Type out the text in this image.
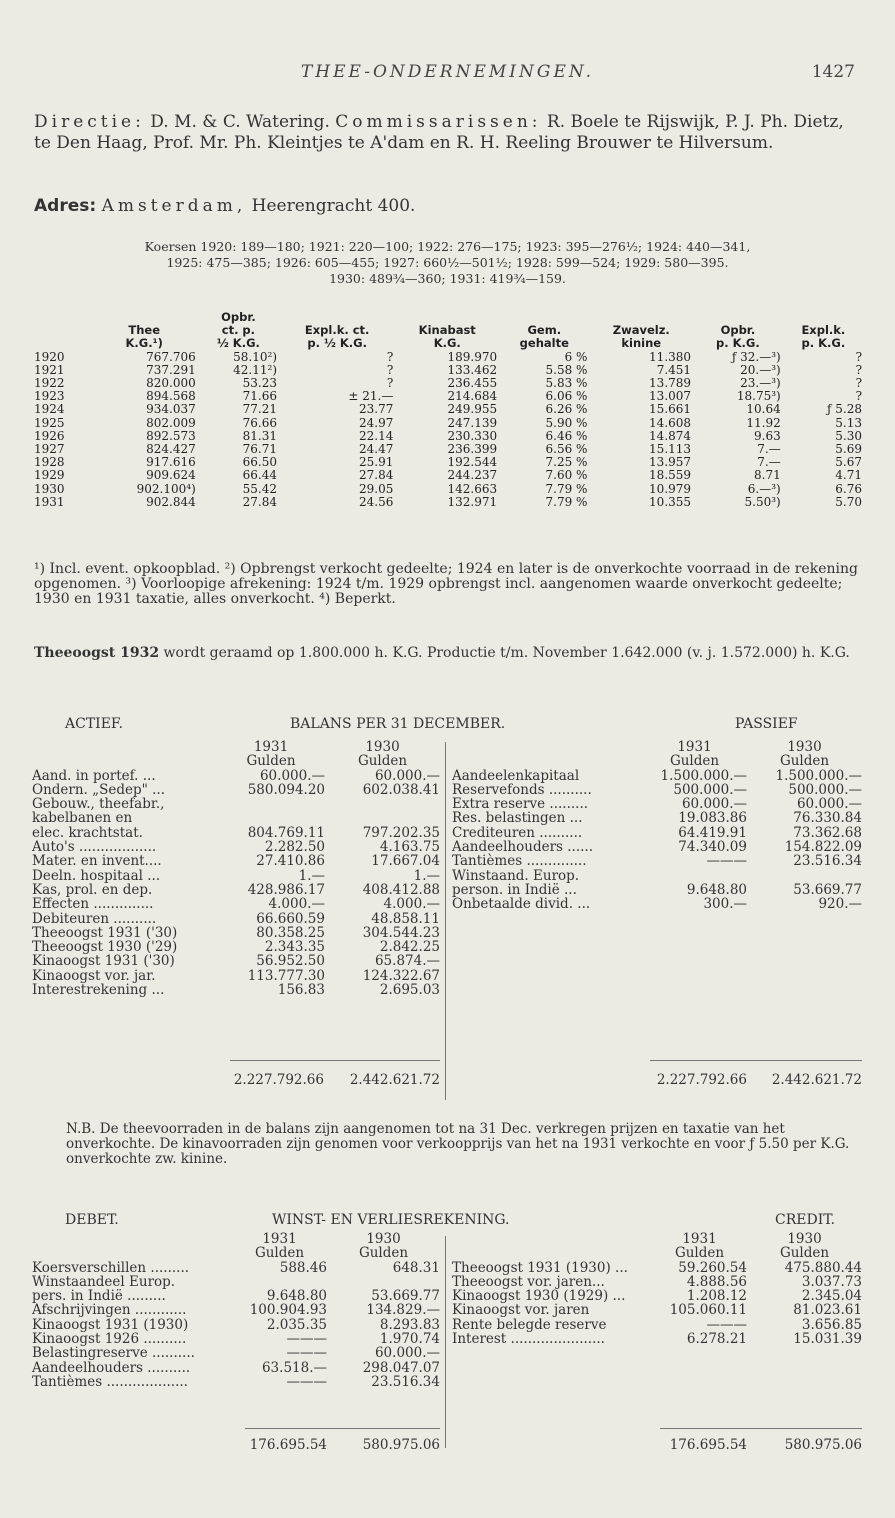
THEE-ONDERNEMINGEN.	1427
Directie: D. M. & C. Watering. Commissarissen: R. Boele te Rijswijk, P. J. Ph. Dietz, te Den Haag, Prof. Mr. Ph. Kleintjes te A'dam en R. H. Reeling Brouwer te Hilversum.
Adres: Amsterdam, Heerengracht 400.
Koersen 1920: 189—180; 1921: 220—100; 1922: 276—175; 1923: 395—276½; 1924: 440—341,
1925: 475—385; 1926: 605—455; 1927: 660½—501½; 1928: 599—524; 1929: 580—395.
1930: 489¾—360; 1931: 419¾—159.
		Opbr.						
	Thee	ct. p.	Expl.k. ct.	Kinabast	Gem.	Zwavelz.	Opbr.	Expl.k.
	K.G.¹)	½ K.G.	p. ½ K.G.	K.G.	gehalte	kinine	p. K.G.	p. K.G.
1920	767.706	58.10²)	?	189.970	6 %	11.380	ƒ 32.—³)	?
1921	737.291	42.11²)	?	133.462	5.58 %	7.451	20.—³)	?
1922	820.000	53.23	?	236.455	5.83 %	13.789	23.—³)	?
1923	894.568	71.66	± 21.—	214.684	6.06 %	13.007	18.75³)	?
1924	934.037	77.21	23.77	249.955	6.26 %	15.661	10.64	ƒ 5.28
1925	802.009	76.66	24.97	247.139	5.90 %	14.608	11.92	5.13
1926	892.573	81.31	22.14	230.330	6.46 %	14.874	9.63	5.30
1927	824.427	76.71	24.47	236.399	6.56 %	15.113	7.—	5.69
1928	917.616	66.50	25.91	192.544	7.25 %	13.957	7.—	5.67
1929	909.624	66.44	27.84	244.237	7.60 %	18.559	8.71	4.71
1930	902.100⁴)	55.42	29.05	142.663	7.79 %	10.979	6.—³)	6.76
1931	902.844	27.84	24.56	132.971	7.79 %	10.355	5.50³)	5.70
¹) Incl. event. opkoopblad. ²) Opbrengst verkocht gedeelte; 1924 en later is de onverkochte voorraad in de rekening opgenomen. ³) Voorloopige afrekening: 1924 t/m. 1929 opbrengst incl. aangenomen waarde onverkocht gedeelte; 1930 en 1931 taxatie, alles onverkocht. ⁴) Beperkt.
Theeoogst 1932 wordt geraamd op 1.800.000 h. K.G. Productie t/m. November 1.642.000 (v. j. 1.572.000) h. K.G.
ACTIEF.	BALANS PER 31 DECEMBER.	PASSIEF
	1931	1930
	Gulden	Gulden
Aand. in portef. ...	60.000.—	60.000.—
Ondern. „Sedep" ...	580.094.20	602.038.41
Gebouw., theefabr.,		
kabelbanen en		
elec. krachtstat.	804.769.11	797.202.35
Auto's ..................	2.282.50	4.163.75
Mater. en invent....	27.410.86	17.667.04
Deeln. hospitaal ...	1.—	1.—
Kas, prol. en dep.	428.986.17	408.412.88
Effecten ..............	4.000.—	4.000.—
Debiteuren ..........	66.660.59	48.858.11
Theeoogst 1931 ('30)	80.358.25	304.544.23
Theeoogst 1930 ('29)	2.343.35	2.842.25
Kinaoogst 1931 ('30)	56.952.50	65.874.—
Kinaoogst vor. jar.	113.777.30	124.322.67
Interestrekening ...	156.83	2.695.03
	1931	1930
	Gulden	Gulden
Aandeelenkapitaal	1.500.000.—	1.500.000.—
Reservefonds ..........	500.000.—	500.000.—
Extra reserve .........	60.000.—	60.000.—
Res. belastingen ...	19.083.86	76.330.84
Crediteuren ..........	64.419.91	73.362.68
Aandeelhouders ......	74.340.09	154.822.09
Tantièmes ..............	———	23.516.34
Winstaand. Europ.		
person. in Indië ...	9.648.80	53.669.77
Onbetaalde divid. ...	300.—	920.—
2.227.792.66	2.442.621.72	2.227.792.66	2.442.621.72
N.B. De theevoorraden in de balans zijn aangenomen tot na 31 Dec. verkregen prijzen en taxatie van het onverkochte. De kinavoorraden zijn genomen voor verkoopprijs van het na 1931 verkochte en voor ƒ 5.50 per K.G. onverkochte zw. kinine.
DEBET.	WINST- EN VERLIESREKENING.	CREDIT.
	1931	1930
	Gulden	Gulden
Koersverschillen .........	588.46	648.31
Winstaandeel Europ.		
pers. in Indië .........	9.648.80	53.669.77
Afschrijvingen ............	100.904.93	134.829.—
Kinaoogst 1931 (1930)	2.035.35	8.293.83
Kinaoogst 1926 ..........	———	1.970.74
Belastingreserve ..........	———	60.000.—
Aandeelhouders ..........	63.518.—	298.047.07
Tantièmes ...................	———	23.516.34
	1931	1930
	Gulden	Gulden
Theeoogst 1931 (1930) ...	59.260.54	475.880.44
Theeoogst vor. jaren...	4.888.56	3.037.73
Kinaoogst 1930 (1929) ...	1.208.12	2.345.04
Kinaoogst vor. jaren	105.060.11	81.023.61
Rente belegde reserve	———	3.656.85
Interest ......................	6.278.21	15.031.39
176.695.54	580.975.06	176.695.54	580.975.06
